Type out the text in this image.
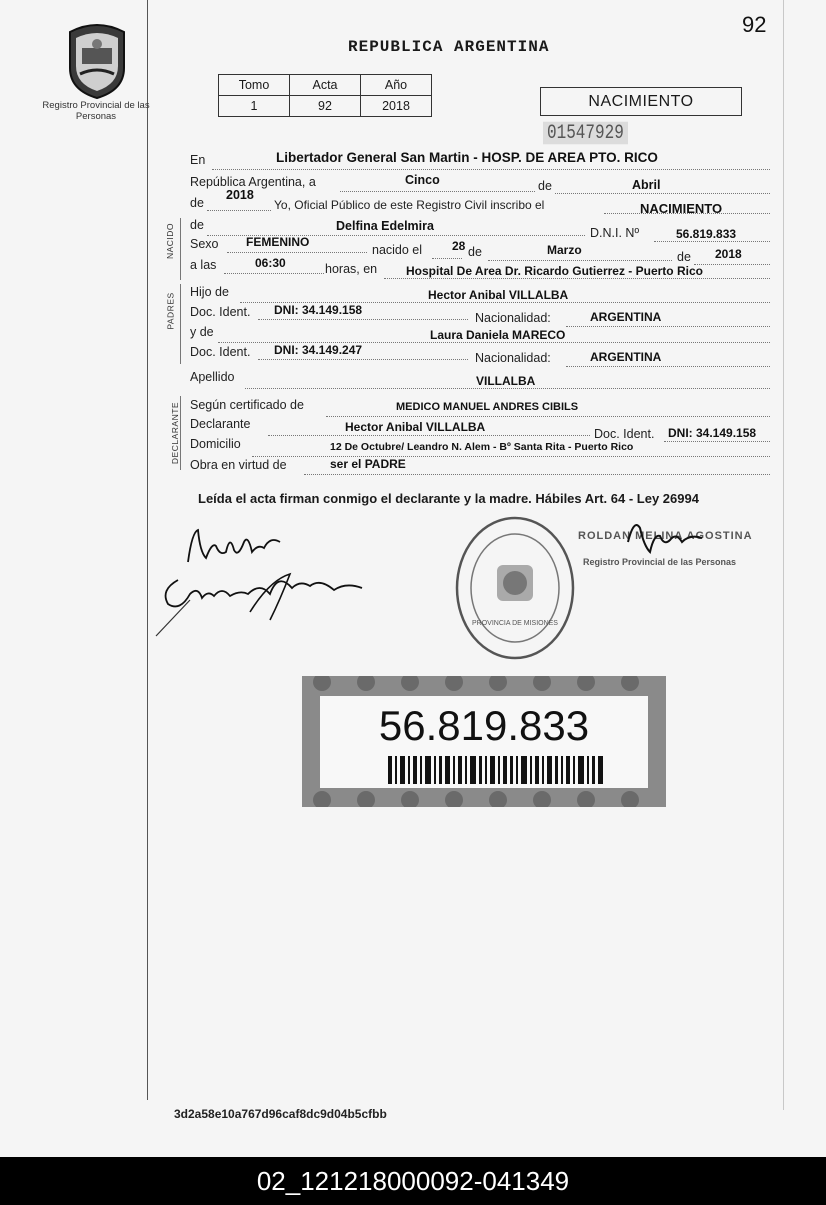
Registro Provincial de las Personas
92
REPUBLICA ARGENTINA
Tomo	Acta	Año
1	92	2018	NACIMIENTO
01547929
En	Libertador General San Martin - HOSP. DE AREA PTO. RICO
República Argentina, a	Cinco	de	Abril
de
2018
Yo, Oficial Público de este Registro Civil inscribo el	NACIMIENTO
NACIDO de	Delfina Edelmira	D.N.I. Nº	56.819.833
Sexo FEMENINO
nacido el 28 de	Marzo	de 2018
a las	06:30	horas, en Hospital De Area Dr. Ricardo Gutierrez - Puerto Rico
PADRES
Hijo de	Hector Anibal VILLALBA
Doc. Ident. DNI: 34.149.158
Nacionalidad:	ARGENTINA
y de	Laura Daniela MARECO
Doc. Ident. DNI: 34.149.247
Nacionalidad:	ARGENTINA
Apellido	VILLALBA
DECLARANTE Según certificado de	MEDICO MANUEL ANDRES CIBILS
Declarante	Hector Anibal VILLALBA	Doc. Ident. DNI: 34.149.158
Domicilio	12 De Octubre/ Leandro N. Alem - Bº Santa Rita - Puerto Rico
Obra en virtud de	ser el PADRE
Leída el acta firman conmigo el declarante y la madre. Hábiles Art. 64 - Ley 26994
PROVINCIA DE MISIONES
ROLDAN MELINA AGOSTINA
Registro Provincial de las Personas
56.819.833
3d2a58e10a767d96caf8dc9d04b5cfbb
02_121218000092-041349
